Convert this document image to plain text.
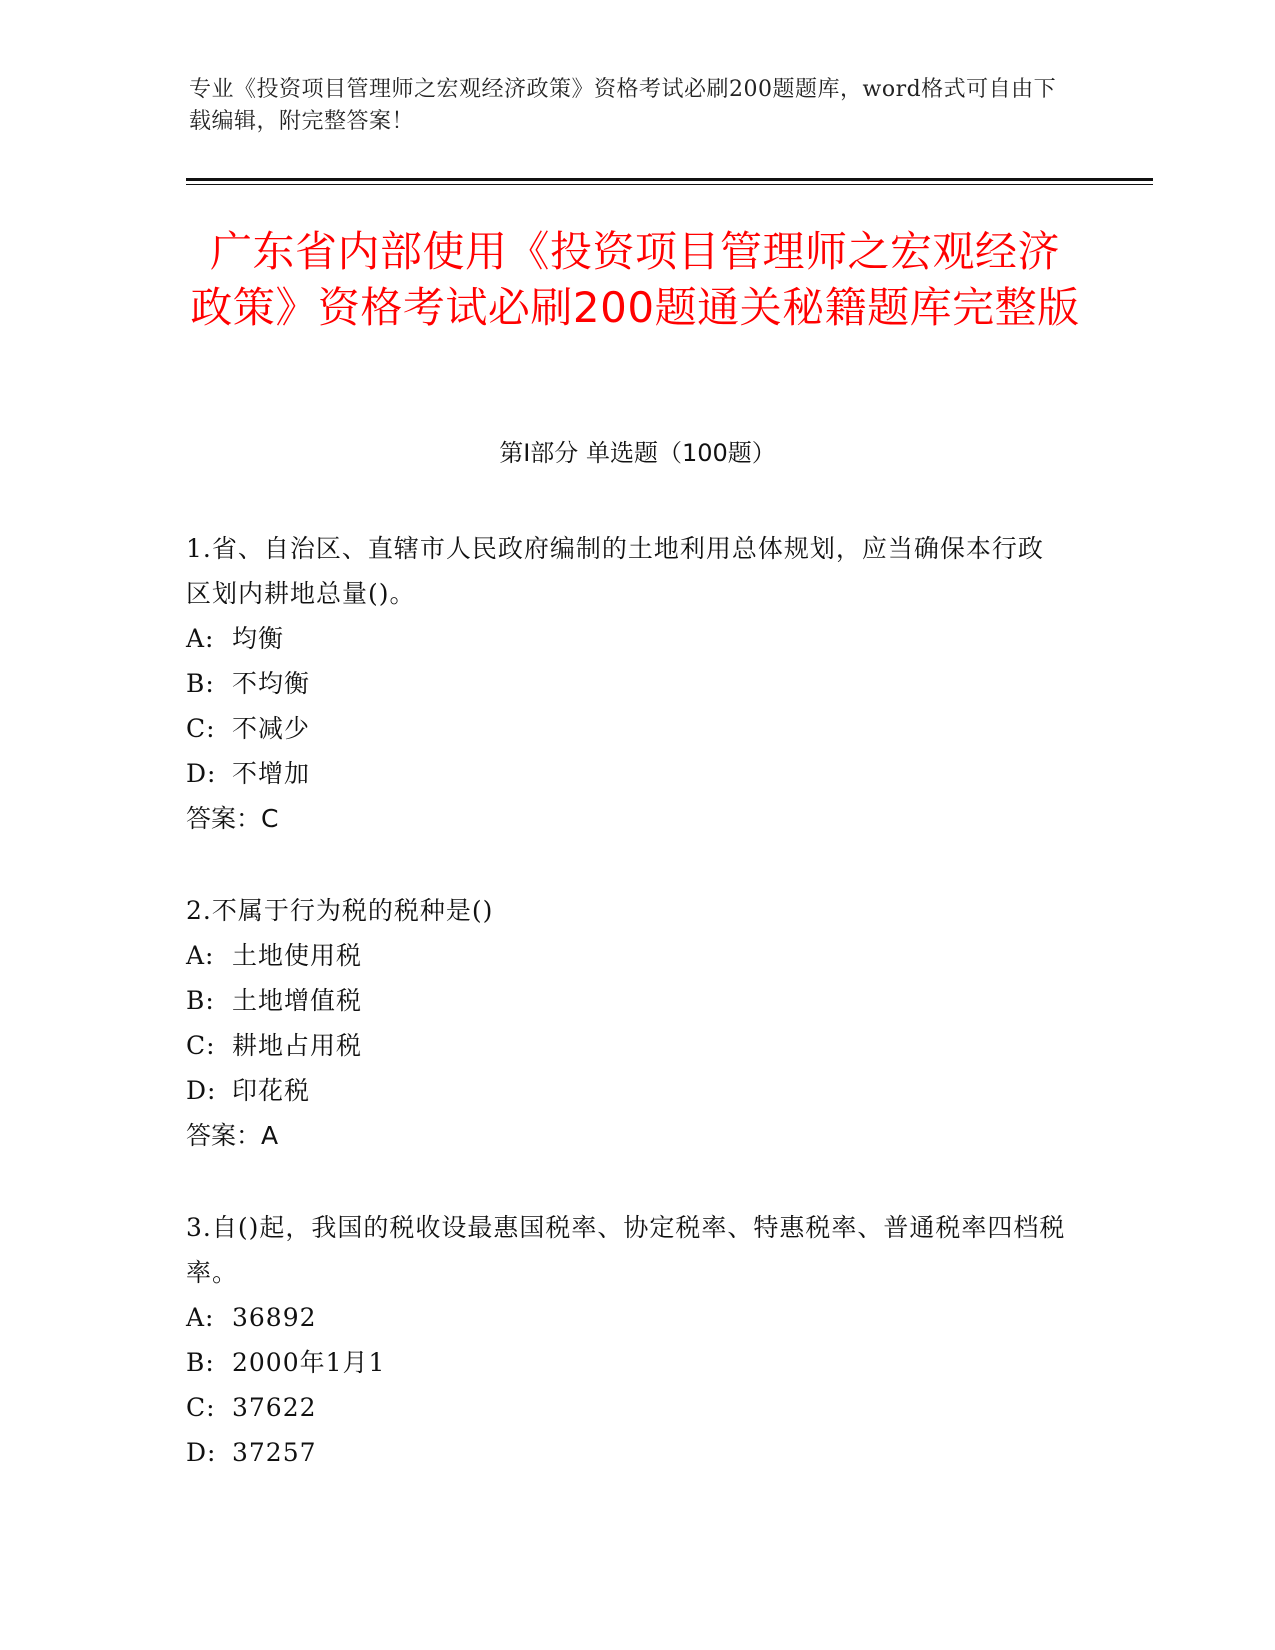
专业《投资项目管理师之宏观经济政策》资格考试必刷200题题库，word格式可自由下载编辑，附完整答案！
广东省内部使用《投资项目管理师之宏观经济政策》资格考试必刷200题通关秘籍题库完整版
第Ⅰ部分 单选题（100题）
1.省、自治区、直辖市人民政府编制的土地利用总体规划，应当确保本行政区划内耕地总量()。
A: 均衡
B: 不均衡
C: 不减少
D: 不增加
答案：C
2.不属于行为税的税种是()
A: 土地使用税
B: 土地增值税
C: 耕地占用税
D: 印花税
答案：A
3.自()起，我国的税收设最惠国税率、协定税率、特惠税率、普通税率四档税率。
A: 36892
B: 2000年1月1
C: 37622
D: 37257
